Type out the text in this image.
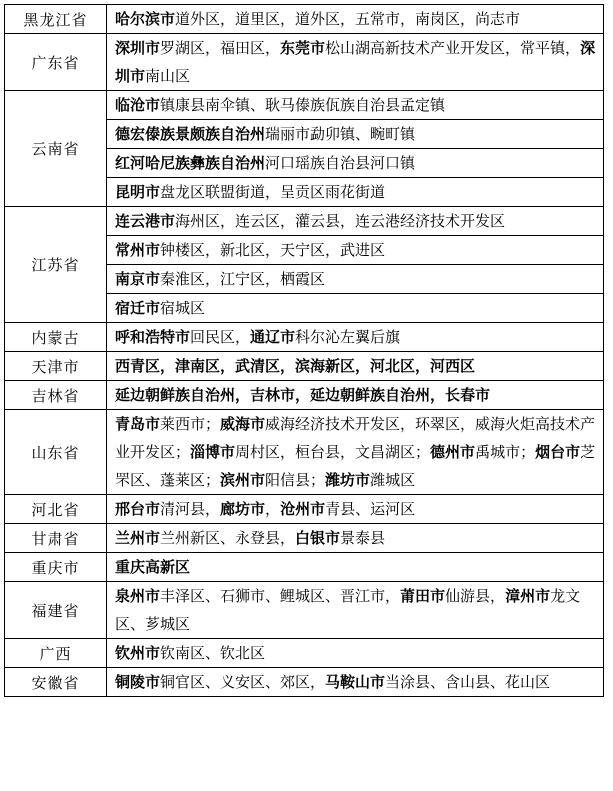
黑龙江省	哈尔滨市道外区，道里区，道外区，五常市，南岗区，尚志市
广东省	深圳市罗湖区，福田区，东莞市松山湖高新技术产业开发区，常平镇，深圳市南山区
云南省	临沧市镇康县南伞镇、耿马傣族佤族自治县孟定镇
	德宏傣族景颇族自治州瑞丽市勐卯镇、畹町镇
	红河哈尼族彝族自治州河口瑶族自治县河口镇
	昆明市盘龙区联盟街道，呈贡区雨花街道
江苏省	连云港市海州区，连云区，灌云县，连云港经济技术开发区
	常州市钟楼区，新北区，天宁区，武进区
	南京市秦淮区，江宁区，栖霞区
	宿迁市宿城区
内蒙古	呼和浩特市回民区，通辽市科尔沁左翼后旗
天津市	西青区，津南区，武清区，滨海新区，河北区，河西区
吉林省	延边朝鲜族自治州，吉林市，延边朝鲜族自治州，长春市
山东省	青岛市莱西市；威海市威海经济技术开发区，环翠区，威海火炬高技术产业开发区；淄博市周村区，桓台县，文昌湖区；德州市禹城市；烟台市芝罘区、蓬莱区；滨州市阳信县；潍坊市潍城区
河北省	邢台市清河县，廊坊市，沧州市青县、运河区
甘肃省	兰州市兰州新区、永登县，白银市景泰县
重庆市	重庆高新区
福建省	泉州市丰泽区、石狮市、鲤城区、晋江市，莆田市仙游县，漳州市龙文区、芗城区
广西	钦州市钦南区、钦北区
安徽省	铜陵市铜官区、义安区、郊区，马鞍山市当涂县、含山县、花山区
